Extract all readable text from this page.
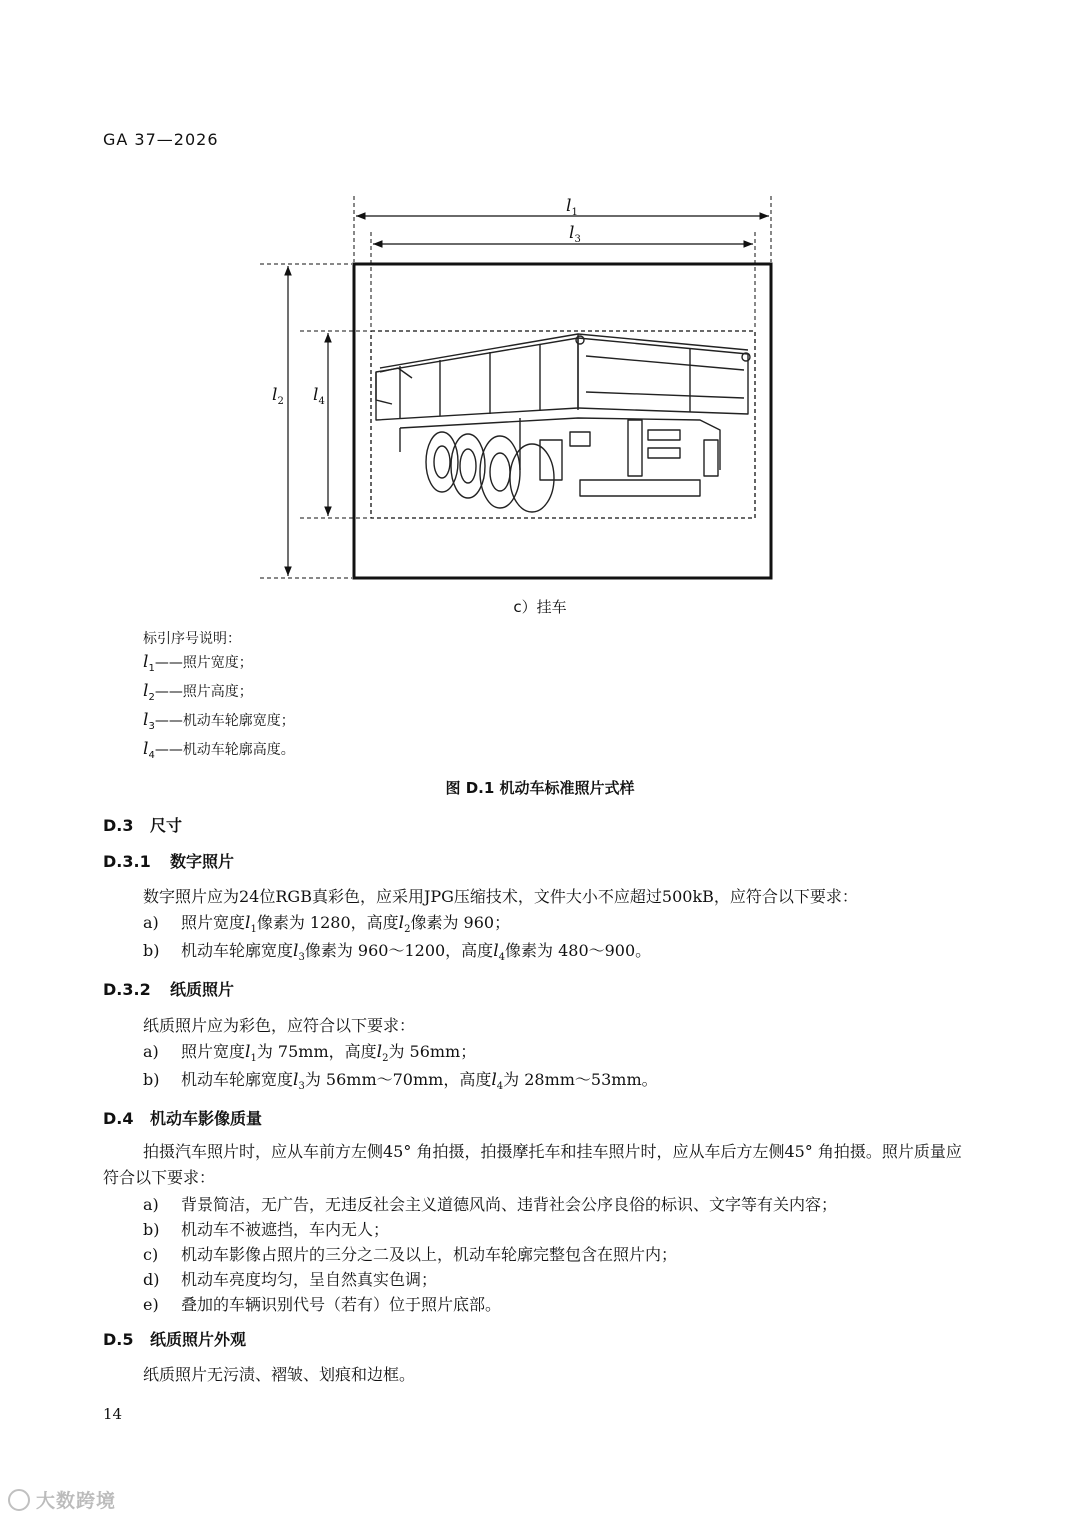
GA 37—2026
$l_1$
$l_3$
$l_2$ $l_4$
c）挂车
标引序号说明：
$l_1——$照片宽度；
$l_2——$照片高度；
$l_3——$机动车轮廓宽度；
$l_4——$机动车轮廓高度。
图 D.1 机动车标准照片式样
D.3 尺寸
D.3.1 数字照片
数字照片应为24位RGB真彩色，应采用JPG压缩技术，文件大小不应超过500kB，应符合以下要求：
a) 照片宽度$l_1$像素为 1280，高度$l_2$像素为 960；
b) 机动车轮廓宽度$l_3$像素为 960～1200，高度$l_4$像素为 480～900。
D.3.2 纸质照片
纸质照片应为彩色，应符合以下要求：
a) 照片宽度$l_1$为 75mm，高度$l_2$为 56mm；
b) 机动车轮廓宽度$l_3$为 56mm～70mm，高度$l_4$为 28mm～53mm。
D.4 机动车影像质量
拍摄汽车照片时，应从车前方左侧45° 角拍摄，拍摄摩托车和挂车照片时，应从车后方左侧45° 角拍摄。照片质量应符合以下要求：
a) 背景简洁，无广告，无违反社会主义道德风尚、违背社会公序良俗的标识、文字等有关内容；
b) 机动车不被遮挡，车内无人；
c) 机动车影像占照片的三分之二及以上，机动车轮廓完整包含在照片内；
d) 机动车亮度均匀，呈自然真实色调；
e) 叠加的车辆识别代号（若有）位于照片底部。
D.5 纸质照片外观
纸质照片无污渍、褶皱、划痕和边框。
14
大数跨境
